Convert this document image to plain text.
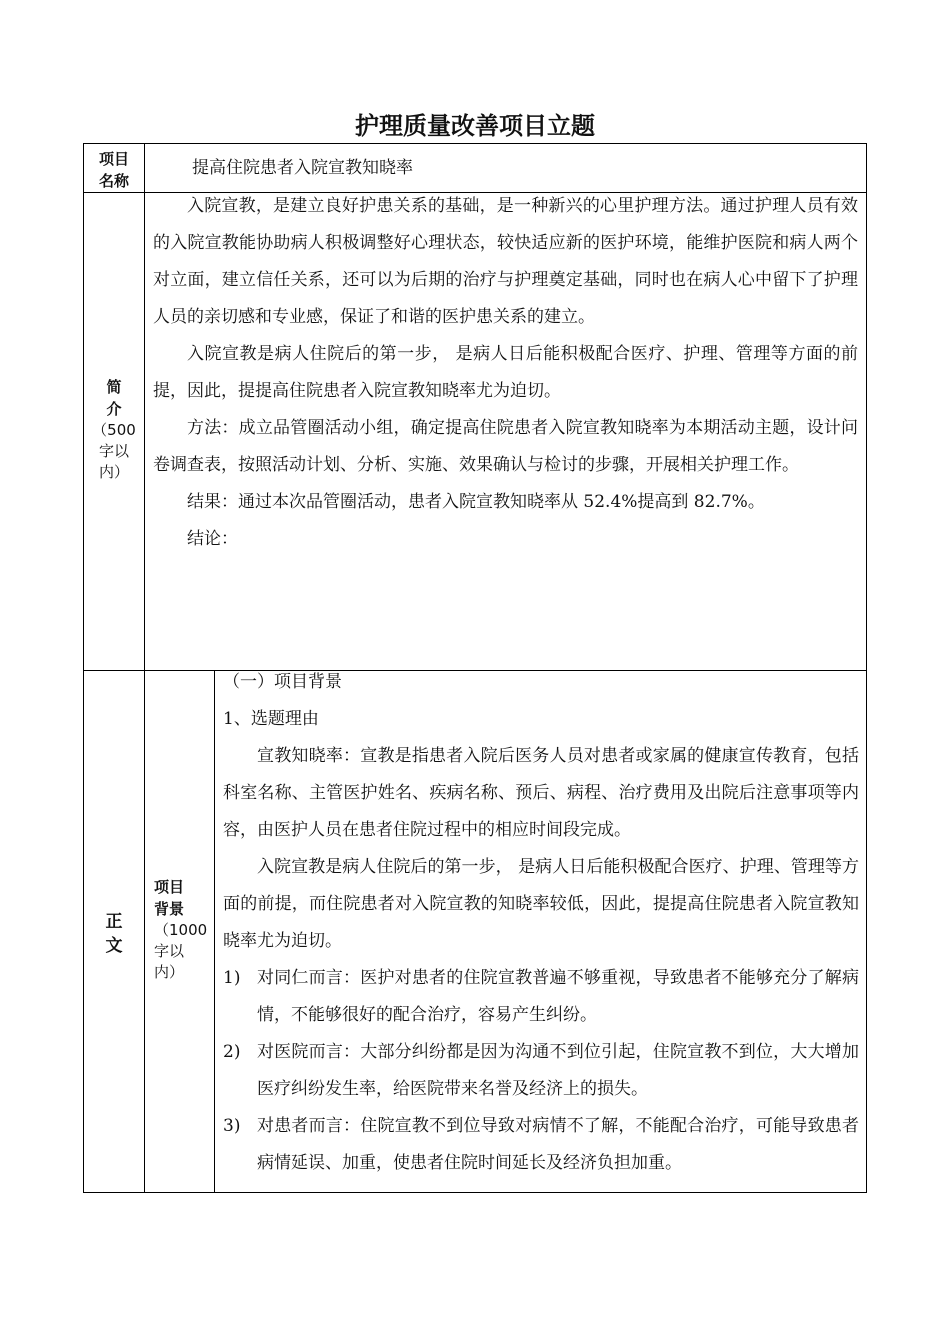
护理质量改善项目立题
项目
名称
提高住院患者入院宣教知晓率
简
介
（500
字以
内）

入院宣教，是建立良好护患关系的基础，是一种新兴的心里护理方法。通过护理人员有效的入院宣教能协助病人积极调整好心理状态，较快适应新的医护环境，能维护医院和病人两个对立面，建立信任关系，还可以为后期的治疗与护理奠定基础，同时也在病人心中留下了护理人员的亲切感和专业感，保证了和谐的医护患关系的建立。

入院宣教是病人住院后的第一步， 是病人日后能积极配合医疗、护理、管理等方面的前提，因此，提提高住院患者入院宣教知晓率尤为迫切。

方法：成立品管圈活动小组，确定提高住院患者入院宣教知晓率为本期活动主题，设计问卷调查表，按照活动计划、分析、实施、效果确认与检讨的步骤，开展相关护理工作。

结果：通过本次品管圈活动，患者入院宣教知晓率从 52.4%提高到 82.7%。

结论：

正
文
项目
背景
（1000
字以
内）

（一）项目背景

1、选题理由

宣教知晓率：宣教是指患者入院后医务人员对患者或家属的健康宣传教育，包括科室名称、主管医护姓名、疾病名称、预后、病程、治疗费用及出院后注意事项等内容，由医护人员在患者住院过程中的相应时间段完成。

入院宣教是病人住院后的第一步， 是病人日后能积极配合医疗、护理、管理等方面的前提，而住院患者对入院宣教的知晓率较低，因此，提提高住院患者入院宣教知晓率尤为迫切。

1) 对同仁而言：医护对患者的住院宣教普遍不够重视，导致患者不能够充分了解病情，不能够很好的配合治疗，容易产生纠纷。
2) 对医院而言：大部分纠纷都是因为沟通不到位引起，住院宣教不到位，大大增加医疗纠纷发生率，给医院带来名誉及经济上的损失。
3) 对患者而言：住院宣教不到位导致对病情不了解，不能配合治疗，可能导致患者病情延误、加重，使患者住院时间延长及经济负担加重。
